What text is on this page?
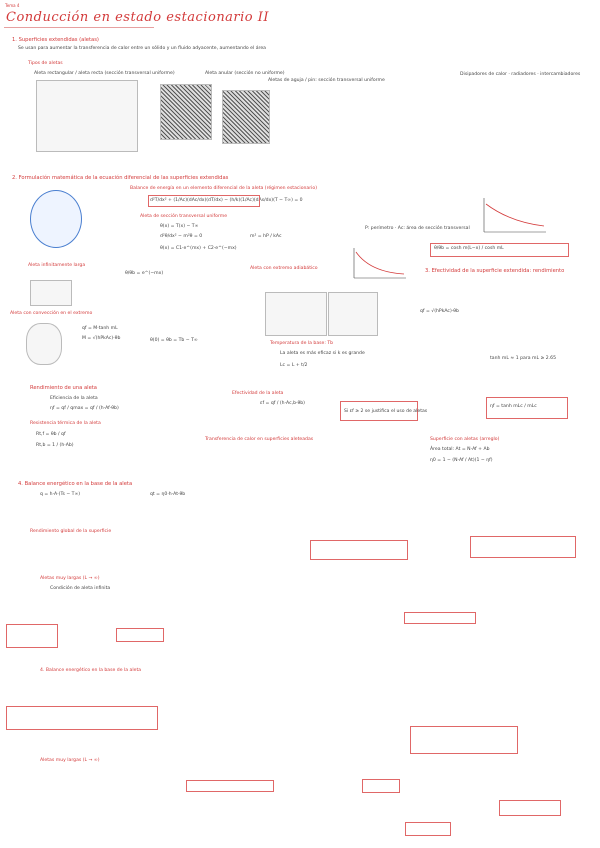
Tema 4
Conducción en estado estacionario II
1. Superficies extendidas (aletas)
Se usan para aumentar la transferencia de calor entre un sólido y un fluido adyacente, aumentando el área
Tipos de aletas
Aleta rectangular / aleta recta (sección transversal uniforme)	Aleta anular (sección no uniforme)
Aletas de aguja / pin: sección transversal uniforme
Disipadores de calor · radiadores · intercambiadores
2. Formulación matemática de la ecuación diferencial de las superficies extendidas
Balance de energía en un elemento diferencial de la aleta (régimen estacionario)
d²T/dx² + (1/Ac)(dAc/dx)(dT/dx) − (h/k)(1/Ac)(dAs/dx)(T − T∞) = 0
Aleta de sección transversal uniforme
θ(x) = T(x) − T∞
d²θ/dx² − m²θ = 0	m² = hP / kAc
θ(x) = C1·e^(mx) + C2·e^(−mx)
P: perímetro · Ac: área de sección transversal
θ/θb = cosh m(L−x) / cosh mL
Aleta infinitamente larga
θ/θb = e^(−mx)
Aleta con extremo adiabático	3. Efectividad de la superficie extendida: rendimiento
qf = √(hPkAc)·θb
Aleta con convección en el extremo
qf = M·tanh mL
M = √(hPkAc)·θb	θ(0) = θb = Tb − T∞
Temperatura de la base: Tb
La aleta es más eficaz si k es grande
Lc = L + t/2
tanh mL ≈ 1 para mL ≥ 2.65
Rendimiento de una aleta
Eficiencia de la aleta
ηf = qf / qmax = qf / (h·Af·θb)
Efectividad de la aleta
εf = qf / (h·Ac,b·θb)
Si εf ≥ 2 se justifica el uso de aletas
ηf = tanh mLc / mLc
Resistencia térmica de la aleta
Rt,f = θb / qf
Rt,b = 1 / (h·Ab)
Transferencia de calor en superficies aleteadas	Superficie con aletas (arreglo)
Área total: At = N·Af + Ab
η0 = 1 − (N·Af / At)(1 − ηf)
4. Balance energético en la base de la aleta
q = h·A·(Ts − T∞)	qt = η0·h·At·θb
Rendimiento global de la superficie
Aletas muy largas (L → ∞)
Condición de aleta infinita
4. Balance energético en la base de la aleta
Aletas muy largas (L → ∞)
